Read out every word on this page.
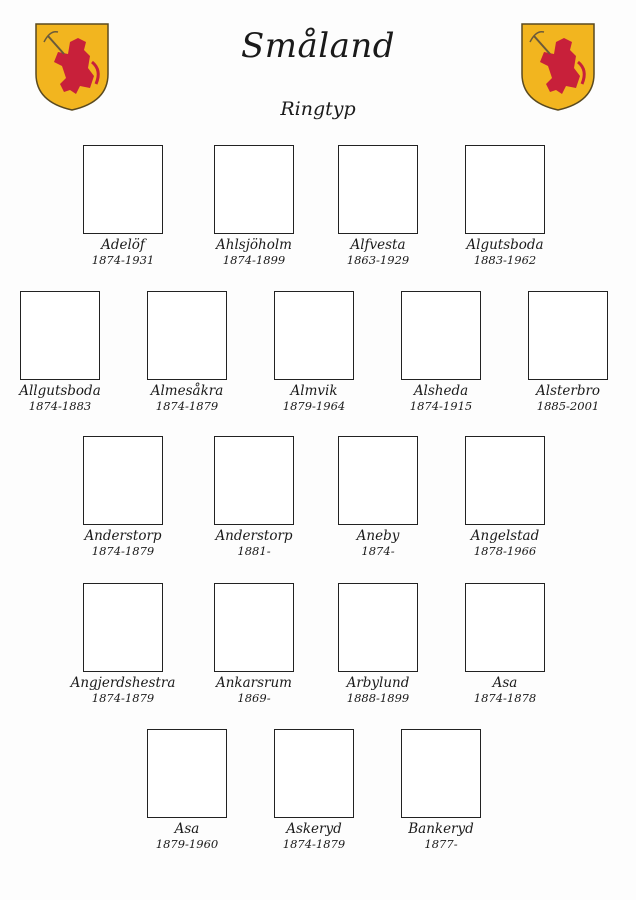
Småland
Ringtyp
Adelöf
1874-1931
Ahlsjöholm
1874-1899
Alfvesta
1863-1929
Algutsboda
1883-1962
Allgutsboda
1874-1883
Almesåkra
1874-1879
Almvik
1879-1964
Alsheda
1874-1915
Alsterbro
1885-2001
Anderstorp
1874-1879
Anderstorp
1881-
Aneby
1874-
Angelstad
1878-1966
Angjerdshestra
1874-1879
Ankarsrum
1869-
Arbylund
1888-1899
Asa
1874-1878
Asa
1879-1960
Askeryd
1874-1879
Bankeryd
1877-
